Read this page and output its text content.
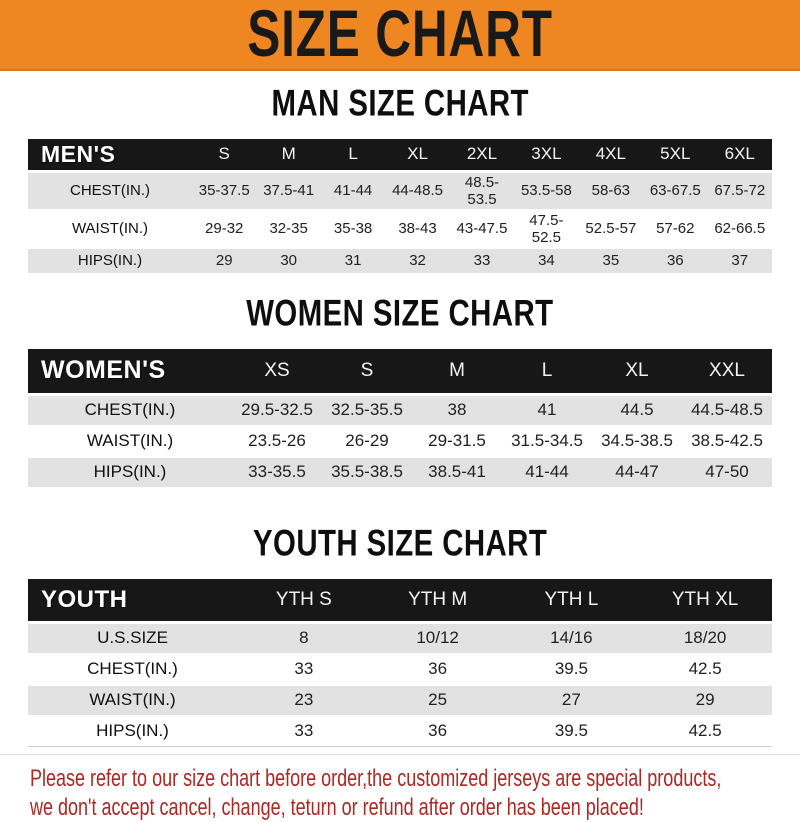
SIZE CHART
MAN SIZE CHART
MEN'S	S	M	L	XL	2XL	3XL	4XL	5XL	6XL
CHEST(IN.)	35-37.5	37.5-41	41-44	44-48.5	48.5-53.5	53.5-58	58-63	63-67.5	67.5-72
WAIST(IN.)	29-32	32-35	35-38	38-43	43-47.5	47.5-52.5	52.5-57	57-62	62-66.5
HIPS(IN.)	29	30	31	32	33	34	35	36	37
WOMEN SIZE CHART
WOMEN'S	XS	S	M	L	XL	XXL
CHEST(IN.)	29.5-32.5	32.5-35.5	38	41	44.5	44.5-48.5
WAIST(IN.)	23.5-26	26-29	29-31.5	31.5-34.5	34.5-38.5	38.5-42.5
HIPS(IN.)	33-35.5	35.5-38.5	38.5-41	41-44	44-47	47-50
YOUTH SIZE CHART
YOUTH	YTH S	YTH M	YTH L	YTH XL
U.S.SIZE	8	10/12	14/16	18/20
CHEST(IN.)	33	36	39.5	42.5
WAIST(IN.)	23	25	27	29
HIPS(IN.)	33	36	39.5	42.5

Please refer to our size chart before order,the customized jerseys are special products,

we don't accept cancel, change, teturn or refund after order has been placed!
